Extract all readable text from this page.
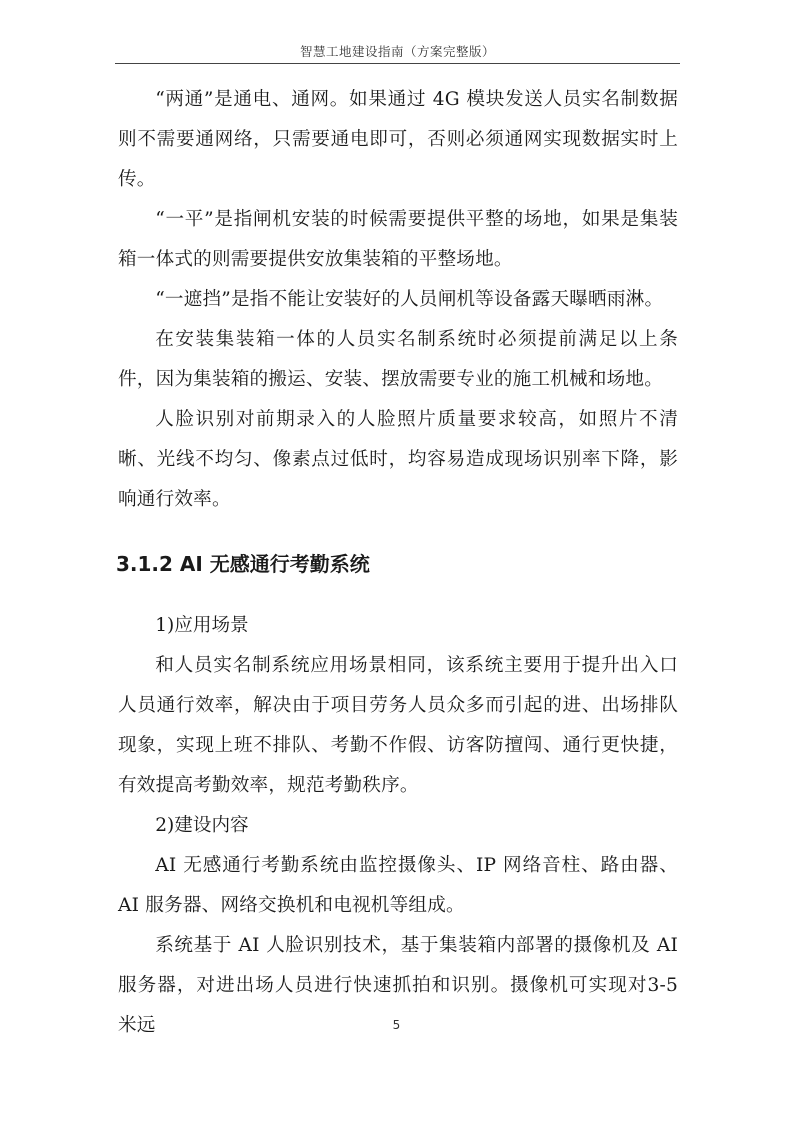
智慧工地建设指南（方案完整版）

“两通”是通电、通网。如果通过 4G 模块发送人员实名制数据则不需要通网络，只需要通电即可，否则必须通网实现数据实时上传。

“一平”是指闸机安装的时候需要提供平整的场地，如果是集装箱一体式的则需要提供安放集装箱的平整场地。

“一遮挡”是指不能让安装好的人员闸机等设备露天曝晒雨淋。

在安装集装箱一体的人员实名制系统时必须提前满足以上条件，因为集装箱的搬运、安装、摆放需要专业的施工机械和场地。

人脸识别对前期录入的人脸照片质量要求较高，如照片不清晰、光线不均匀、像素点过低时，均容易造成现场识别率下降，影响通行效率。

3.1.2 AI 无感通行考勤系统

1)应用场景

和人员实名制系统应用场景相同，该系统主要用于提升出入口人员通行效率，解决由于项目劳务人员众多而引起的进、出场排队现象，实现上班不排队、考勤不作假、访客防擅闯、通行更快捷，有效提高考勤效率，规范考勤秩序。

2)建设内容

AI 无感通行考勤系统由监控摄像头、IP 网络音柱、路由器、AI 服务器、网络交换机和电视机等组成。

系统基于 AI 人脸识别技术，基于集装箱内部署的摄像机及 AI 服务器，对进出场人员进行快速抓拍和识别。摄像机可实现对3-5 米远	5
